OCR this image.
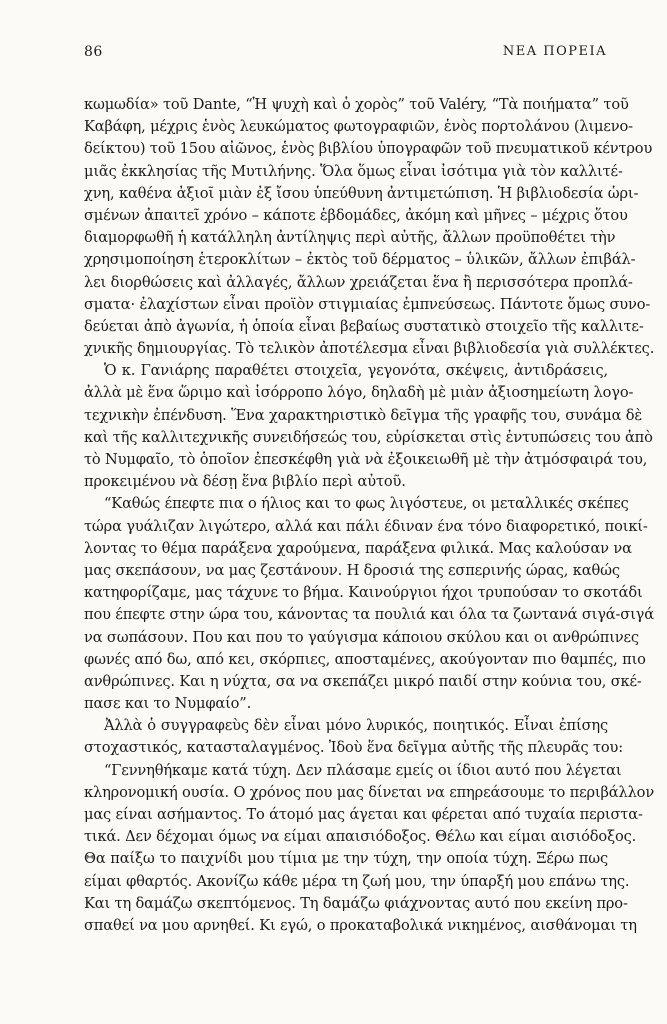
86	ΝΕΑ ΠΟΡΕΙΑ

κωμωδία» τοῦ Dante, “Ἡ ψυχὴ καὶ ὁ χορὸς” τοῦ Valéry, “Τὰ ποιήματα” τοῦ
Καβάφη, μέχρις ἑνὸς λευκώματος φωτογραφιῶν, ἑνὸς πορτολάνου (λιμενο-
δείκτου) τοῦ 15ου αἰῶνος, ἑνὸς βιβλίου ὑπογραφῶν τοῦ πνευματικοῦ κέντρου
μιᾶς ἐκκλησίας τῆς Μυτιλήνης. Ὅλα ὅμως εἶναι ἰσότιμα γιὰ τὸν καλλιτέ-
χνη, καθένα ἀξιοῖ μιὰν ἐξ ἴσου ὑπεύθυνη ἀντιμετώπιση. Ἡ βιβλιοδεσία ὡρι-
σμένων ἀπαιτεῖ χρόνο – κάποτε ἑβδομάδες, ἀκόμη καὶ μῆνες – μέχρις ὅτου
διαμορφωθῆ ἡ κατάλληλη ἀντίληψις περὶ αὐτῆς, ἄλλων προϋποθέτει τὴν
χρησιμοποίηση ἑτεροκλίτων – ἐκτὸς τοῦ δέρματος – ὑλικῶν, ἄλλων ἐπιβάλ-
λει διορθώσεις καὶ ἀλλαγές, ἄλλων χρειάζεται ἕνα ἢ περισσότερα προπλά-
σματα· ἐλαχίστων εἶναι προϊὸν στιγμιαίας ἐμπνεύσεως. Πάντοτε ὅμως συνο-
δεύεται ἀπὸ ἀγωνία, ἡ ὁποία εἶναι βεβαίως συστατικὸ στοιχεῖο τῆς καλλιτε-
χνικῆς δημιουργίας. Τὸ τελικὸν ἀποτέλεσμα εἶναι βιβλιοδεσία γιὰ συλλέκτες.

Ὁ κ. Γανιάρης παραθέτει στοιχεῖα, γεγονότα, σκέψεις, ἀντιδράσεις,
ἀλλὰ μὲ ἕνα ὥριμο καὶ ἰσόρροπο λόγο, δηλαδὴ μὲ μιὰν ἀξιοσημείωτη λογο-
τεχνικὴν ἐπένδυση. Ἕνα χαρακτηριστικὸ δεῖγμα τῆς γραφῆς του, συνάμα δὲ
καὶ τῆς καλλιτεχνικῆς συνειδήσεώς του, εὑρίσκεται στὶς ἐντυπώσεις του ἀπὸ
τὸ Νυμφαῖο, τὸ ὁποῖον ἐπεσκέφθη γιὰ νὰ ἐξοικειωθῆ μὲ τὴν ἀτμόσφαιρά του,
προκειμένου νὰ δέσῃ ἕνα βιβλίο περὶ αὐτοῦ.

“Καθώς έπεφτε πια ο ήλιος και το φως λιγόστευε, οι μεταλλικές σκέπες
τώρα γυάλιζαν λιγώτερο, αλλά και πάλι έδιναν ένα τόνο διαφορετικό, ποικί-
λοντας το θέμα παράξενα χαρούμενα, παράξενα φιλικά. Μας καλούσαν να
μας σκεπάσουν, να μας ζεστάνουν. Η δροσιά της εσπερινής ώρας, καθώς
κατηφορίζαμε, μας τάχυνε το βήμα. Καινούργιοι ήχοι τρυπούσαν το σκοτάδι
που έπεφτε στην ώρα του, κάνοντας τα πουλιά και όλα τα ζωντανά σιγά-σιγά
να σωπάσουν. Που και που το γαύγισμα κάποιου σκύλου και οι ανθρώπινες
φωνές από δω, από κει, σκόρπιες, αποσταμένες, ακούγονταν πιο θαμπές, πιο
ανθρώπινες. Και η νύχτα, σα να σκεπάζει μικρό παιδί στην κούνια του, σκέ-
πασε και το Νυμφαίο”.

Ἀλλὰ ὁ συγγραφεὺς δὲν εἶναι μόνο λυρικός, ποιητικός. Εἶναι ἐπίσης
στοχαστικός, κατασταλαγμένος. Ἰδοὺ ἕνα δεῖγμα αὐτῆς τῆς πλευρᾶς του:

“Γεννηθήκαμε κατά τύχη. Δεν πλάσαμε εμείς οι ίδιοι αυτό που λέγεται
κληρονομική ουσία. Ο χρόνος που μας δίνεται να επηρεάσουμε το περιβάλλον
μας είναι ασήμαντος. Το άτομό μας άγεται και φέρεται από τυχαία περιστα-
τικά. Δεν δέχομαι όμως να είμαι απαισιόδοξος. Θέλω και είμαι αισιόδοξος.
Θα παίξω το παιχνίδι μου τίμια με την τύχη, την οποία τύχη. Ξέρω πως
είμαι φθαρτός. Ακονίζω κάθε μέρα τη ζωή μου, την ύπαρξή μου επάνω της.
Και τη δαμάζω σκεπτόμενος. Τη δαμάζω φιάχνοντας αυτό που εκείνη προ-
σπαθεί να μου αρνηθεί. Κι εγώ, ο προκαταβολικά νικημένος, αισθάνομαι τη
